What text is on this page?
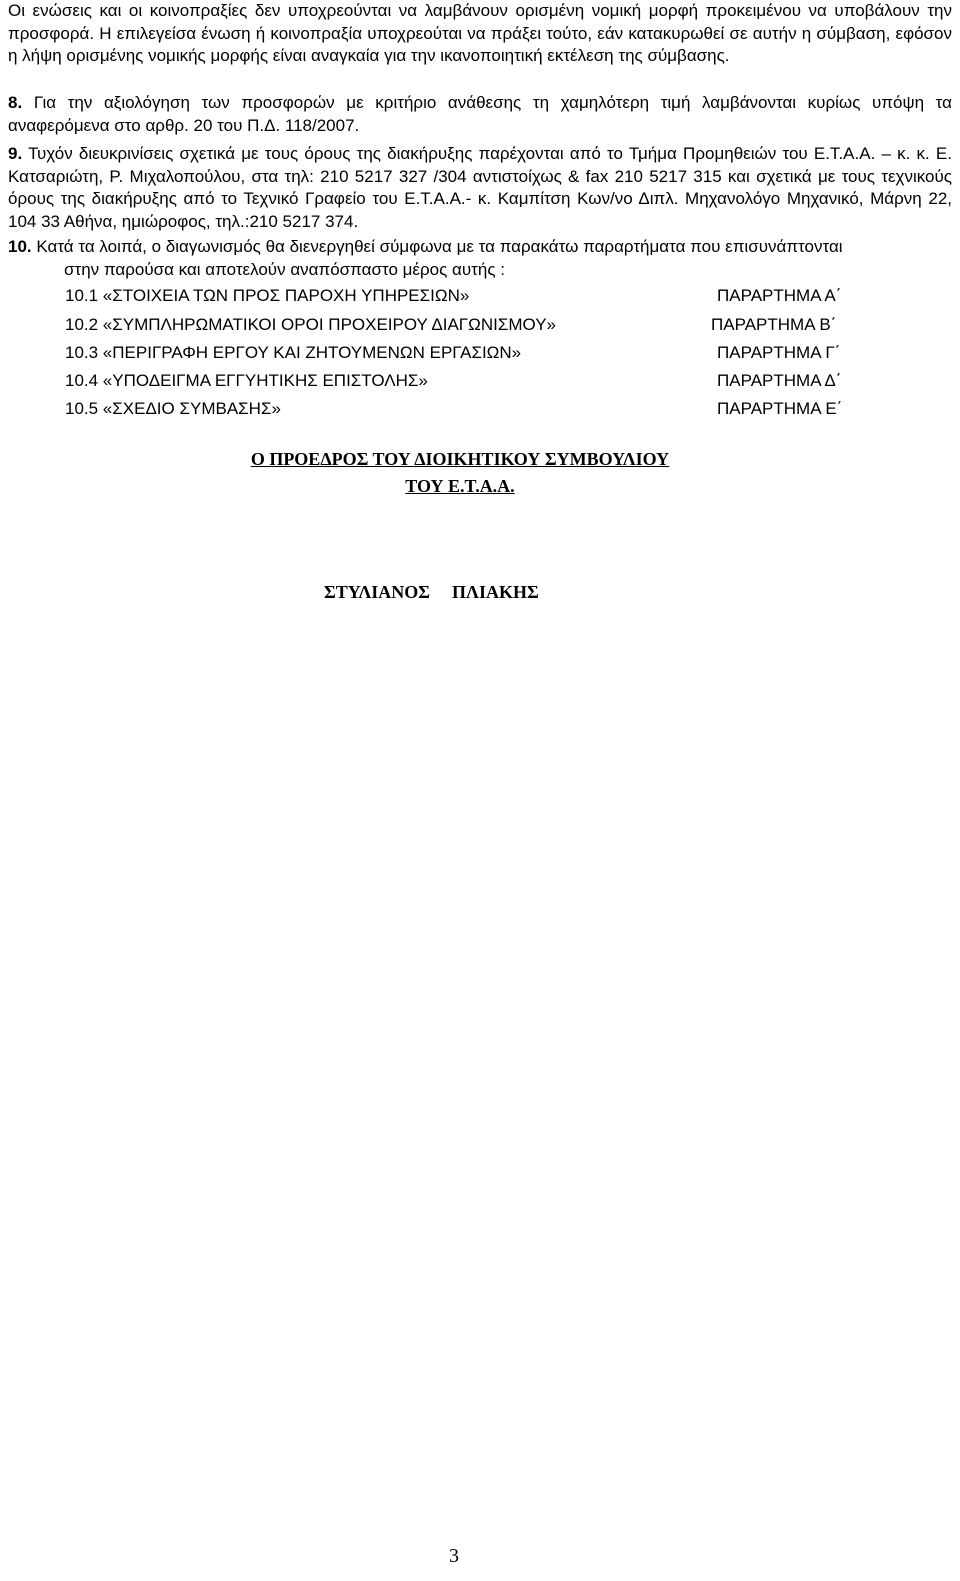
Οι ενώσεις και οι κοινοπραξίες δεν υποχρεούνται να λαμβάνουν ορισμένη νομική μορφή προκειμένου να υποβάλουν την προσφορά. Η επιλεγείσα ένωση ή κοινοπραξία υποχρεούται να πράξει τούτο, εάν κατακυρωθεί σε αυτήν η σύμβαση, εφόσον η λήψη ορισμένης νομικής μορφής είναι αναγκαία για την ικανοποιητική εκτέλεση της σύμβασης.

8. Για την αξιολόγηση των προσφορών με κριτήριο ανάθεσης τη χαμηλότερη τιμή λαμβάνονται κυρίως υπόψη τα αναφερόμενα στο αρθρ. 20 του Π.Δ. 118/2007.

9. Τυχόν διευκρινίσεις σχετικά με τους όρους της διακήρυξης παρέχονται από το Τμήμα Προμηθειών του Ε.Τ.Α.Α. – κ. κ. Ε. Κατσαριώτη, Ρ. Μιχαλοπούλου, στα τηλ: 210 5217 327 /304 αντιστοίχως & fax 210 5217 315 και σχετικά με τους τεχνικούς όρους της διακήρυξης από το Τεχνικό Γραφείο του Ε.Τ.Α.Α.- κ. Καμπίτση Κων/νο Διπλ. Μηχανολόγο Μηχανικό, Μάρνη 22, 104 33 Αθήνα, ημιώροφος, τηλ.:210 5217 374.

10. Κατά τα λοιπά, ο διαγωνισμός θα διενεργηθεί σύμφωνα με τα παρακάτω παραρτήματα που επισυνάπτονται
στην παρούσα και αποτελούν αναπόσπαστο μέρος αυτής :

10.1 «ΣΤΟΙΧΕΙΑ ΤΩΝ ΠΡΟΣ ΠΑΡΟΧΗ ΥΠΗΡΕΣΙΩΝ»	ΠΑΡΑΡΤΗΜΑ Α΄
10.2 «ΣΥΜΠΛΗΡΩΜΑΤΙΚΟΙ ΟΡΟΙ ΠΡΟΧΕΙΡΟΥ ΔΙΑΓΩΝΙΣΜΟΥ»	ΠΑΡΑΡΤΗΜΑ Β΄
10.3 «ΠΕΡΙΓΡΑΦΗ ΕΡΓΟΥ ΚΑΙ ΖΗΤΟΥΜΕΝΩΝ ΕΡΓΑΣΙΩΝ»	ΠΑΡΑΡΤΗΜΑ Γ΄
10.4 «ΥΠΟΔΕΙΓΜΑ ΕΓΓΥΗΤΙΚΗΣ ΕΠΙΣΤΟΛΗΣ»	ΠΑΡΑΡΤΗΜΑ Δ΄
10.5 «ΣΧΕΔΙΟ ΣΥΜΒΑΣΗΣ»	ΠΑΡΑΡΤΗΜΑ Ε΄
Ο ΠΡΟΕΔΡΟΣ ΤΟΥ ΔΙΟΙΚΗΤΙΚΟΥ ΣΥΜΒΟΥΛΙΟΥ
ΤΟΥ Ε.Τ.Α.Α.
ΣΤΥΛΙΑΝΟΣ ΠΛΙΑΚΗΣ
3
